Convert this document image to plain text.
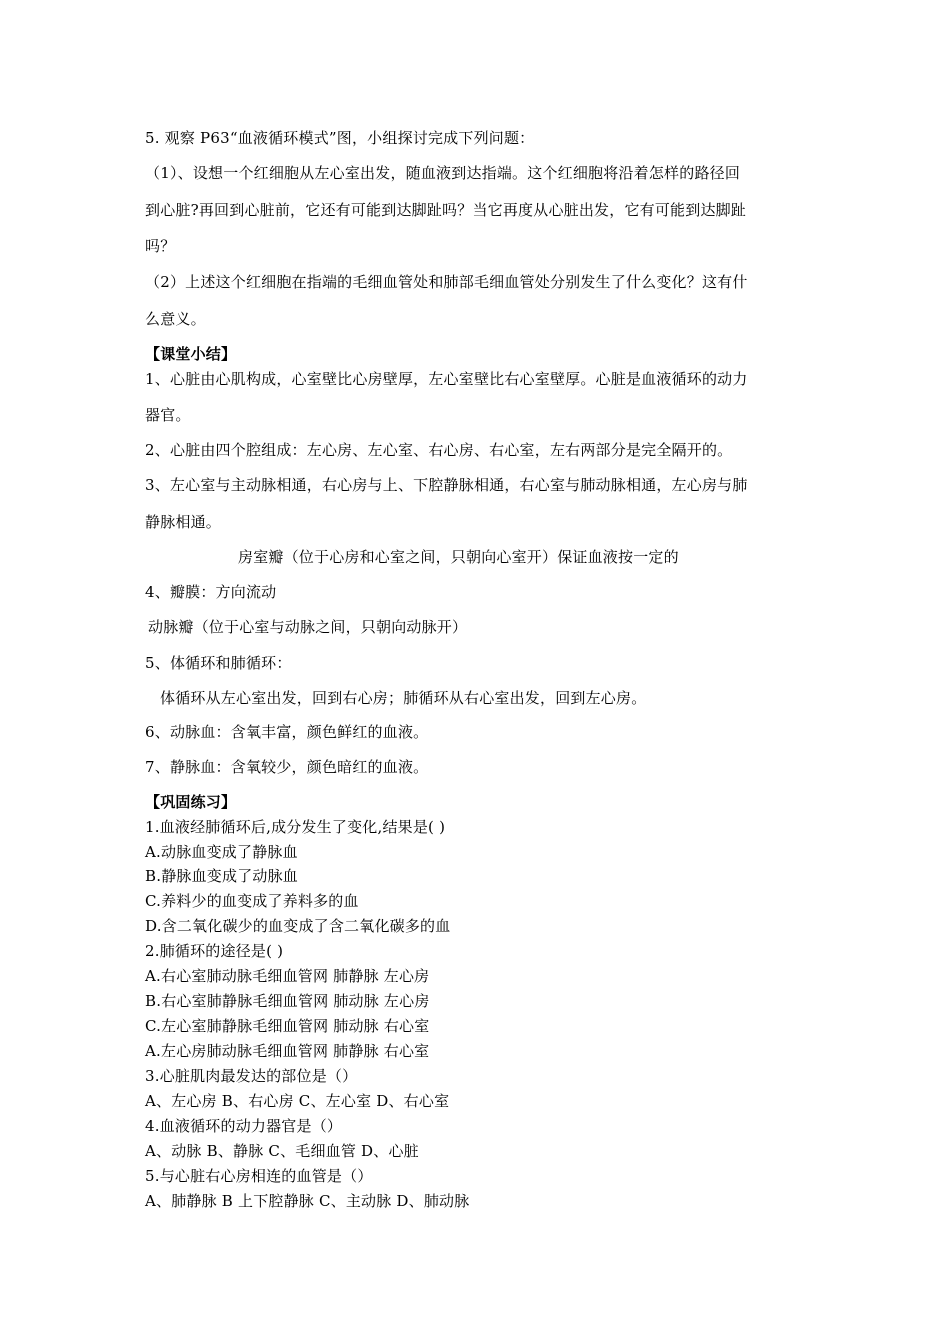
5. 观察 P63“血液循环模式”图，小组探讨完成下列问题：
（1）、设想一个红细胞从左心室出发，随血液到达指端。这个红细胞将沿着怎样的路径回
到心脏?再回到心脏前，它还有可能到达脚趾吗？当它再度从心脏出发，它有可能到达脚趾
吗？
（2）上述这个红细胞在指端的毛细血管处和肺部毛细血管处分别发生了什么变化？这有什
么意义。
【课堂小结】
1、心脏由心肌构成，心室壁比心房壁厚，左心室壁比右心室壁厚。心脏是血液循环的动力
器官。
2、心脏由四个腔组成：左心房、左心室、右心房、右心室，左右两部分是完全隔开的。
3、左心室与主动脉相通，右心房与上、下腔静脉相通，右心室与肺动脉相通，左心房与肺
静脉相通。
房室瓣（位于心房和心室之间，只朝向心室开）保证血液按一定的
4、瓣膜：方向流动
动脉瓣（位于心室与动脉之间，只朝向动脉开）
5、体循环和肺循环：
体循环从左心室出发，回到右心房；肺循环从右心室出发，回到左心房。
6、动脉血：含氧丰富，颜色鲜红的血液。
7、静脉血：含氧较少，颜色暗红的血液。
【巩固练习】
1.血液经肺循环后,成分发生了变化,结果是( )
A.动脉血变成了静脉血
B.静脉血变成了动脉血
C.养料少的血变成了养料多的血
D.含二氧化碳少的血变成了含二氧化碳多的血
2.肺循环的途径是( )
A.右心室肺动脉毛细血管网 肺静脉 左心房
B.右心室肺静脉毛细血管网 肺动脉 左心房
C.左心室肺静脉毛细血管网 肺动脉 右心室
A.左心房肺动脉毛细血管网 肺静脉 右心室
3.心脏肌肉最发达的部位是（）
A、左心房 B、右心房 C、左心室 D、右心室
4.血液循环的动力器官是（）
A、动脉 B、静脉 C、毛细血管 D、心脏
5.与心脏右心房相连的血管是（）
A、肺静脉 B 上下腔静脉 C、主动脉 D、肺动脉
